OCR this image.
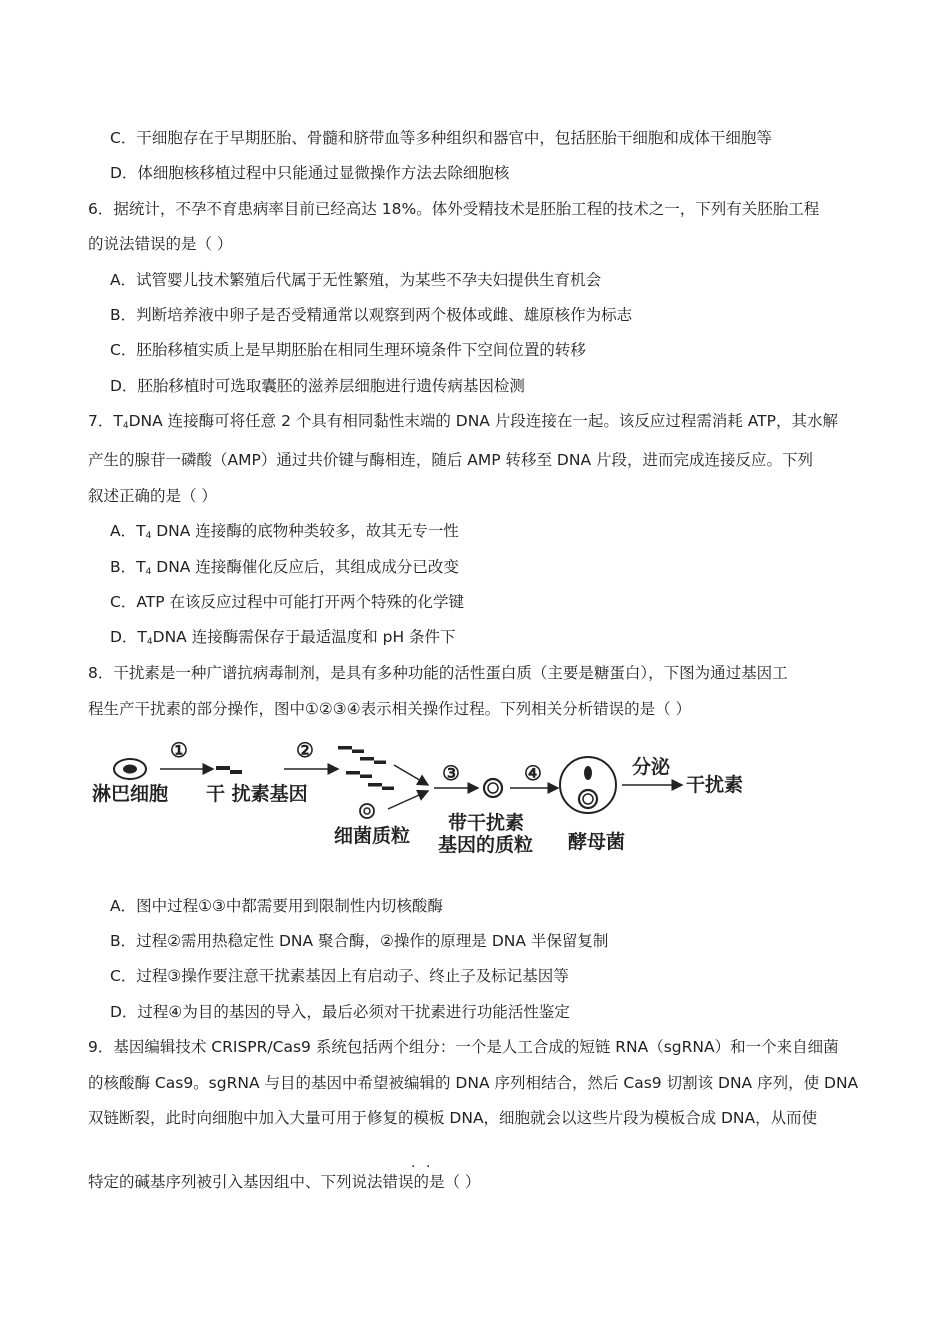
C．干细胞存在于早期胚胎、骨髓和脐带血等多种组织和器官中，包括胚胎干细胞和成体干细胞等
D．体细胞核移植过程中只能通过显微操作方法去除细胞核
6．据统计，不孕不育患病率目前已经高达 18%。体外受精技术是胚胎工程的技术之一，下列有关胚胎工程
的说法错误的是（ ）
A．试管婴儿技术繁殖后代属于无性繁殖，为某些不孕夫妇提供生育机会
B．判断培养液中卵子是否受精通常以观察到两个极体或雌、雄原核作为标志
C．胚胎移植实质上是早期胚胎在相同生理环境条件下空间位置的转移
D．胚胎移植时可选取囊胚的滋养层细胞进行遗传病基因检测
7．$T_4DNA$ 连接酶可将任意 2 个具有相同黏性末端的 DNA 片段连接在一起。该反应过程需消耗 ATP，其水解
产生的腺苷一磷酸（AMP）通过共价键与酶相连，随后 AMP 转移至 DNA 片段，进而完成连接反应。下列
叙述正确的是（ ）
A．$T_4$ DNA 连接酶的底物种类较多，故其无专一性
B．$T_4$ DNA 连接酶催化反应后，其组成成分已改变
C．ATP 在该反应过程中可能打开两个特殊的化学键
D．$T_4DNA$ 连接酶需保存于最适温度和 pH 条件下
8．干扰素是一种广谱抗病毒制剂，是具有多种功能的活性蛋白质（主要是糖蛋白），下图为通过基因工
程生产干扰素的部分操作，图中①②③④表示相关操作过程。下列相关分析错误的是（ ）
淋巴细胞
①
干 扰素基因
②
细菌质粒
③
带干扰素
基因的质粒
④
酵母菌
分泌
干扰素
A．图中过程①③中都需要用到限制性内切核酸酶
B．过程②需用热稳定性 DNA 聚合酶，②操作的原理是 DNA 半保留复制
C．过程③操作要注意干扰素基因上有启动子、终止子及标记基因等
D．过程④为目的基因的导入，最后必须对干扰素进行功能活性鉴定
9．基因编辑技术 CRISPR/Cas9 系统包括两个组分：一个是人工合成的短链 RNA（sgRNA）和一个来自细菌
的核酸酶 Cas9。sgRNA 与目的基因中希望被编辑的 DNA 序列相结合，然后 Cas9 切割该 DNA 序列，使 DNA
双链断裂，此时向细胞中加入大量可用于修复的模板 DNA，细胞就会以这些片段为模板合成 DNA，从而使
· ·
特定的碱基序列被引入基因组中、下列说法错误的是（ ）
